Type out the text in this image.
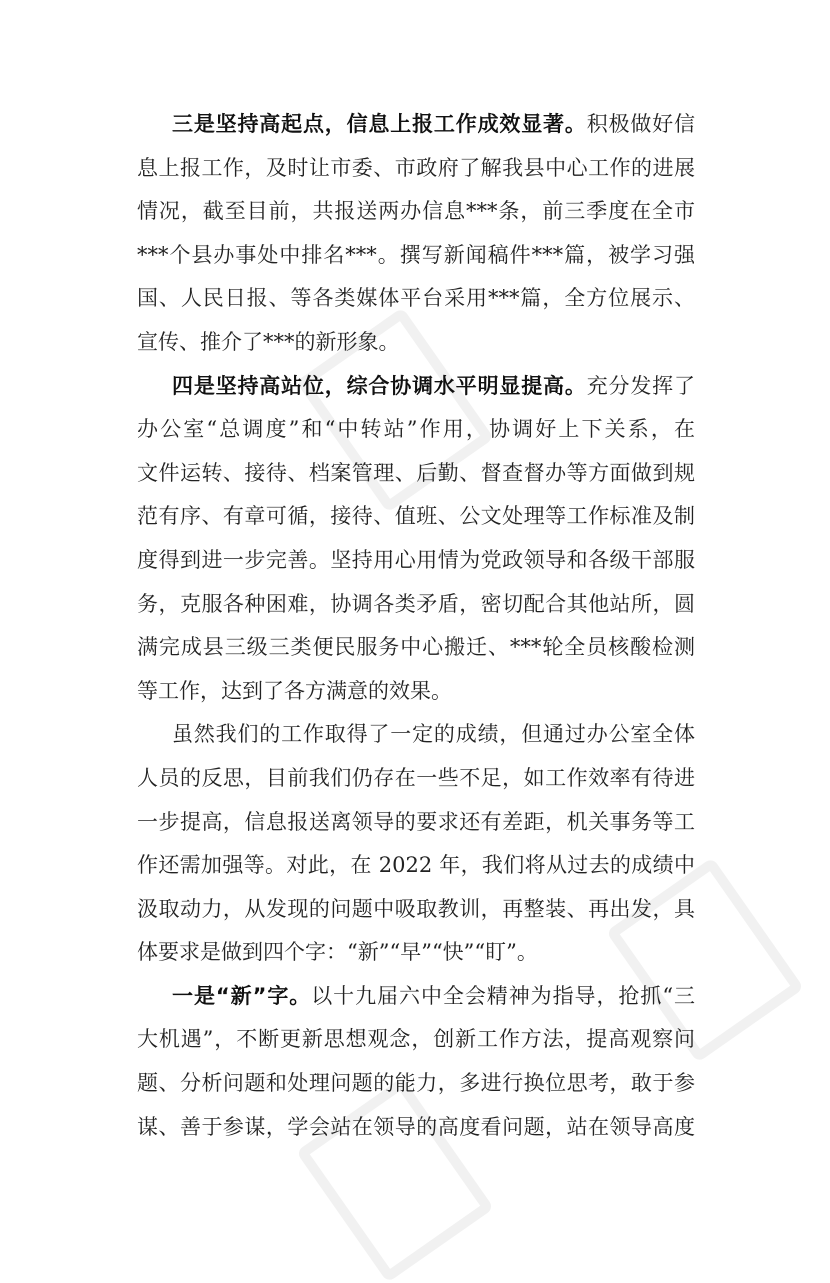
三是坚持高起点，信息上报工作成效显著。积极做好信
息上报工作，及时让市委、市政府了解我县中心工作的进展
情况，截至目前，共报送两办信息***条，前三季度在全市
***个县办事处中排名***。撰写新闻稿件***篇，被学习强
国、人民日报、等各类媒体平台采用***篇，全方位展示、
宣传、推介了***的新形象。
四是坚持高站位，综合协调水平明显提高。充分发挥了
办公室“总调度”和“中转站”作用，协调好上下关系，在
文件运转、接待、档案管理、后勤、督查督办等方面做到规
范有序、有章可循，接待、值班、公文处理等工作标准及制
度得到进一步完善。坚持用心用情为党政领导和各级干部服
务，克服各种困难，协调各类矛盾，密切配合其他站所，圆
满完成县三级三类便民服务中心搬迁、***轮全员核酸检测
等工作，达到了各方满意的效果。
虽然我们的工作取得了一定的成绩，但通过办公室全体
人员的反思，目前我们仍存在一些不足，如工作效率有待进
一步提高，信息报送离领导的要求还有差距，机关事务等工
作还需加强等。对此，在 2022 年，我们将从过去的成绩中
汲取动力，从发现的问题中吸取教训，再整装、再出发，具
体要求是做到四个字：“新”“早”“快”“盯”。
一是“新”字。以十九届六中全会精神为指导，抢抓“三
大机遇”，不断更新思想观念，创新工作方法，提高观察问
题、分析问题和处理问题的能力，多进行换位思考，敢于参
谋、善于参谋，学会站在领导的高度看问题，站在领导高度
